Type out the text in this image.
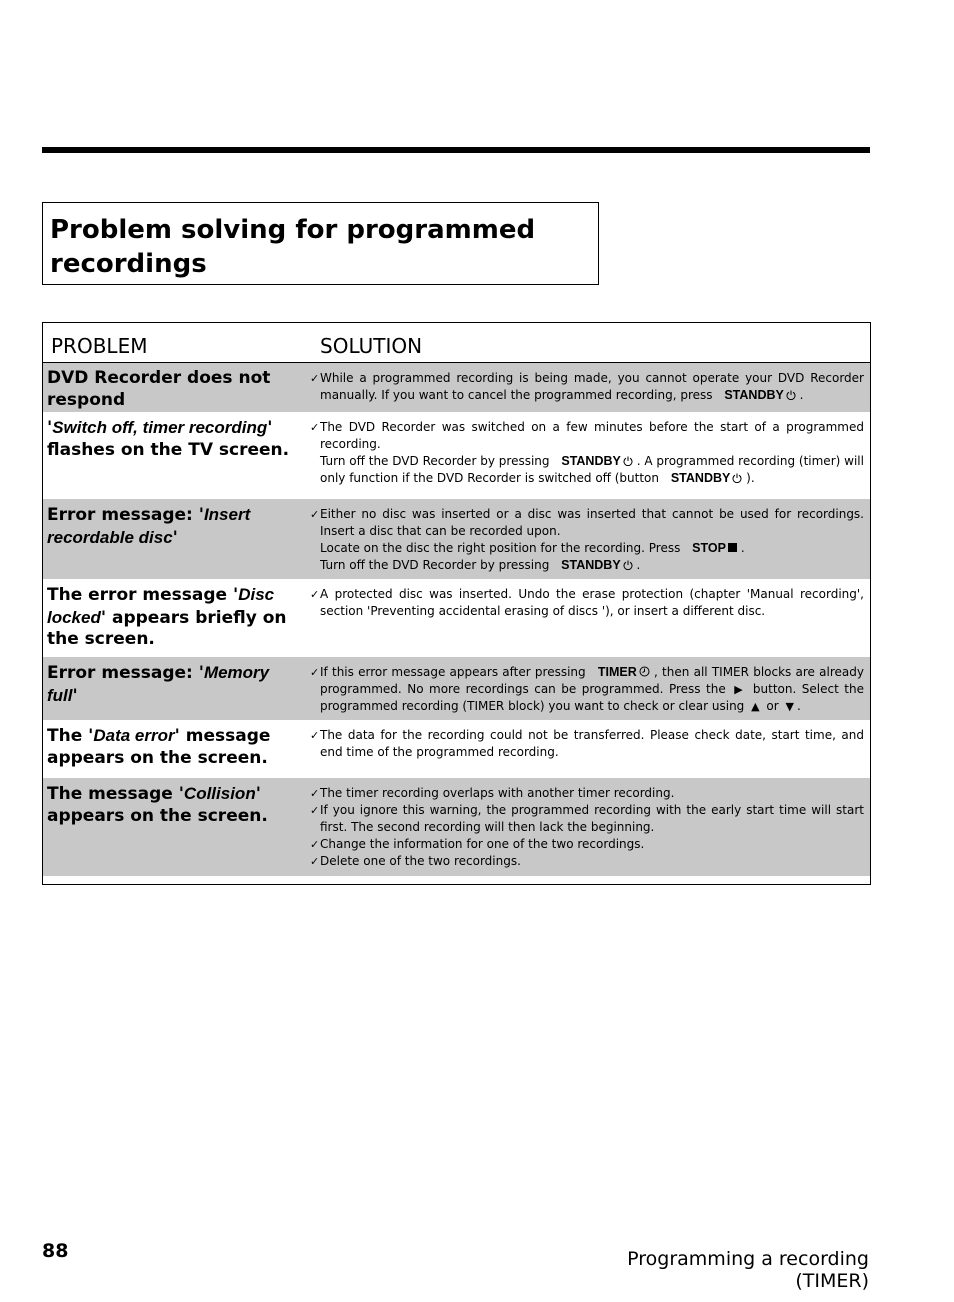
Problem solving for programmed recordings
PROBLEM	SOLUTION
DVD Recorder does not respond
✓ While a programmed recording is being made, you cannot operate your DVD Recorder manually. If you want to cancel the programmed recording, press STANDBY .
'Switch off, timer recording' flashes on the TV screen.
✓ The DVD Recorder was switched on a few minutes before the start of a programmed recording.
Turn off the DVD Recorder by pressing STANDBY . A programmed recording (timer) will only function if the DVD Recorder is switched off (button STANDBY ).
Error message: 'Insert recordable disc'
✓ Either no disc was inserted or a disc was inserted that cannot be used for recordings. Insert a disc that can be recorded upon.
Locate on the disc the right position for the recording. Press STOP .
Turn off the DVD Recorder by pressing STANDBY .
The error message 'Disc locked' appears briefly on the screen.
✓ A protected disc was inserted. Undo the erase protection (chapter 'Manual recording', section 'Preventing accidental erasing of discs '), or insert a different disc.
Error message: 'Memory full'
✓ If this error message appears after pressing TIMER , then all TIMER blocks are already programmed. No more recordings can be programmed. Press the ▶ button. Select the programmed recording (TIMER block) you want to check or clear using ▲ or ▼ .
The 'Data error' message appears on the screen.
✓ The data for the recording could not be transferred. Please check date, start time, and end time of the programmed recording.
The message 'Collision' appears on the screen.
✓ The timer recording overlaps with another timer recording.
✓ If you ignore this warning, the programmed recording with the early start time will start first. The second recording will then lack the beginning.
✓ Change the information for one of the two recordings.
✓ Delete one of the two recordings.
88	Programming a recording (TIMER)
